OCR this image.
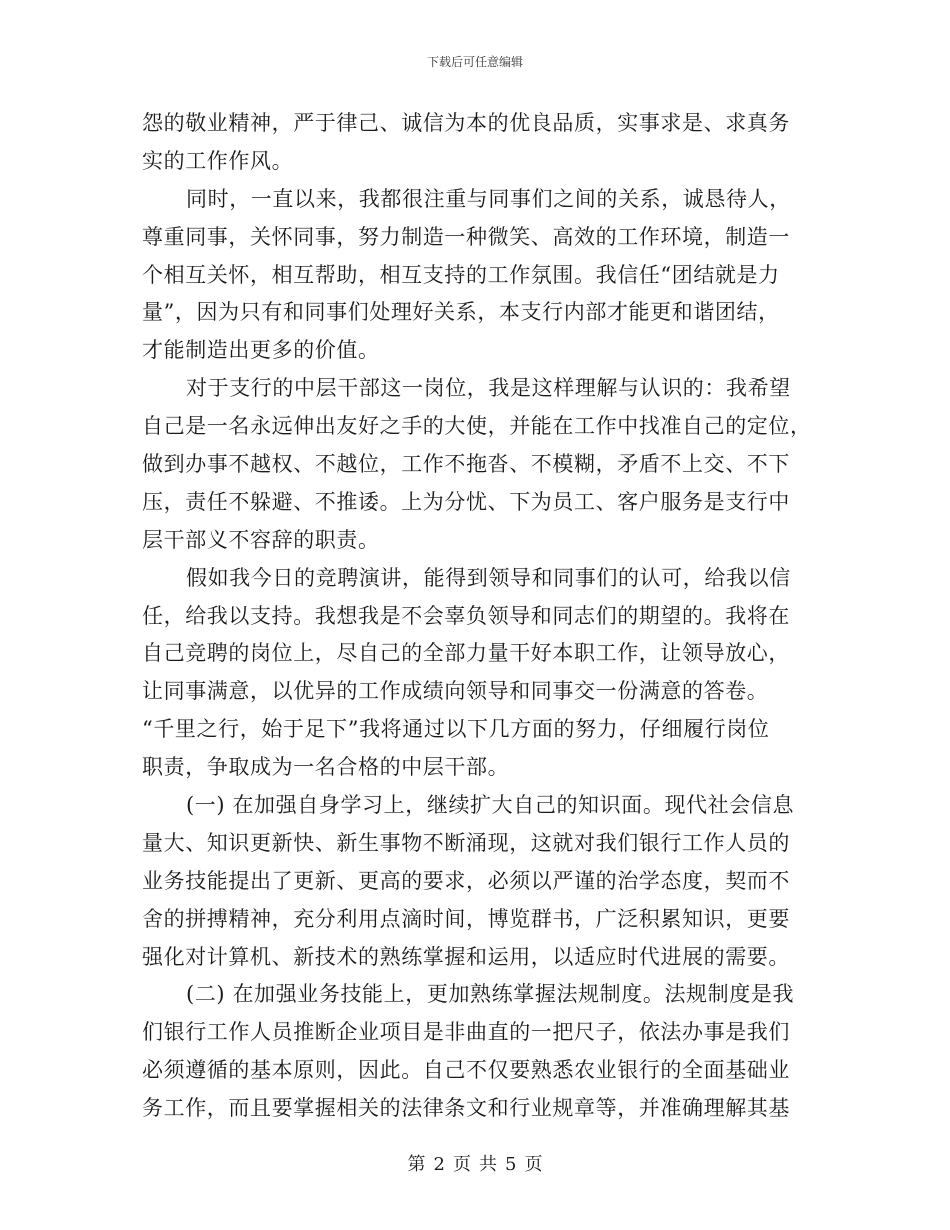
下载后可任意编辑
怨的敬业精神，严于律己、诚信为本的优良品质，实事求是、求真务
实的工作作风。
同时，一直以来，我都很注重与同事们之间的关系，诚恳待人，
尊重同事，关怀同事，努力制造一种微笑、高效的工作环境，制造一
个相互关怀，相互帮助，相互支持的工作氛围。我信任“团结就是力
量”，因为只有和同事们处理好关系，本支行内部才能更和谐团结，
才能制造出更多的价值。
对于支行的中层干部这一岗位，我是这样理解与认识的：我希望
自己是一名永远伸出友好之手的大使，并能在工作中找准自己的定位，
做到办事不越权、不越位，工作不拖沓、不模糊，矛盾不上交、不下
压，责任不躲避、不推诿。上为分忧、下为员工、客户服务是支行中
层干部义不容辞的职责。
假如我今日的竞聘演讲，能得到领导和同事们的认可，给我以信
任，给我以支持。我想我是不会辜负领导和同志们的期望的。我将在
自己竞聘的岗位上，尽自己的全部力量干好本职工作，让领导放心，
让同事满意，以优异的工作成绩向领导和同事交一份满意的答卷。
“千里之行，始于足下”我将通过以下几方面的努力，仔细履行岗位
职责，争取成为一名合格的中层干部。
(一) 在加强自身学习上，继续扩大自己的知识面。现代社会信息
量大、知识更新快、新生事物不断涌现，这就对我们银行工作人员的
业务技能提出了更新、更高的要求，必须以严谨的治学态度，契而不
舍的拼搏精神，充分利用点滴时间，博览群书，广泛积累知识，更要
强化对计算机、新技术的熟练掌握和运用，以适应时代进展的需要。
(二) 在加强业务技能上，更加熟练掌握法规制度。法规制度是我
们银行工作人员推断企业项目是非曲直的一把尺子，依法办事是我们
必须遵循的基本原则，因此。自己不仅要熟悉农业银行的全面基础业
务工作，而且要掌握相关的法律条文和行业规章等，并准确理解其基
第 2 页 共 5 页
